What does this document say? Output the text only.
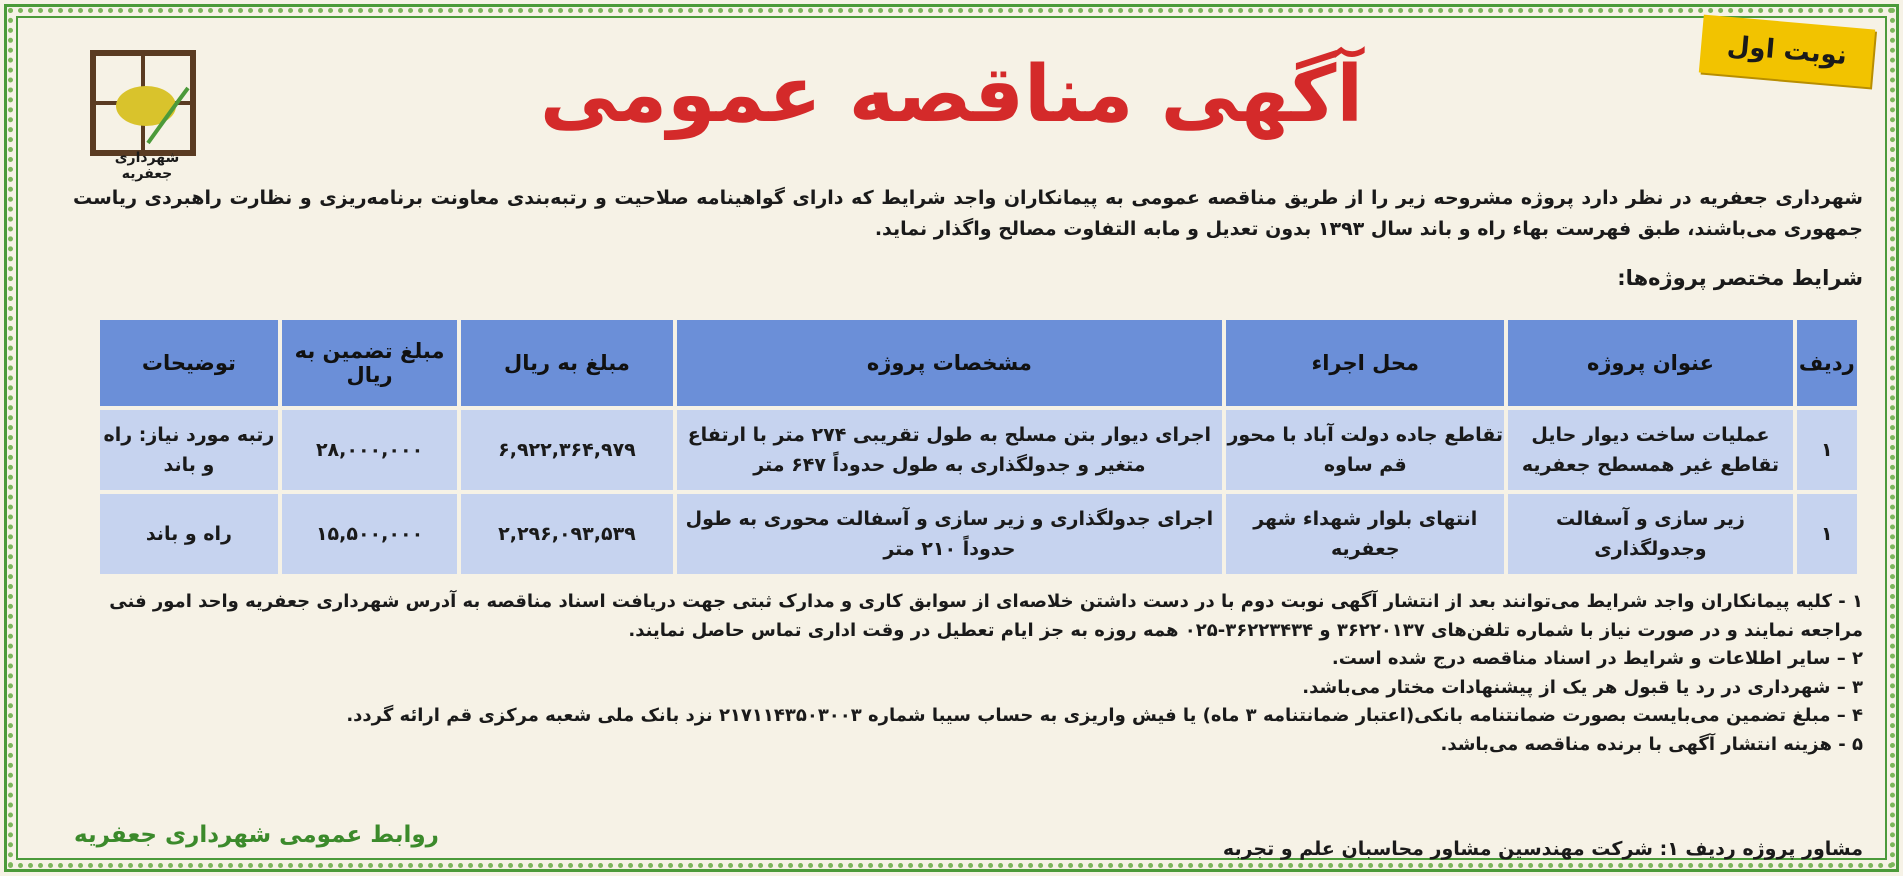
نوبت اول
شهرداری جعفریه
آگهی مناقصه عمومی
شهرداری جعفریه در نظر دارد پروژه مشروحه زیر را از طریق مناقصه عمومی به پیمانکاران واجد شرایط که دارای گواهینامه صلاحیت و رتبه‌بندی معاونت برنامه‌ریزی و نظارت راهبردی ریاست جمهوری می‌باشند، طبق فهرست بهاء راه و باند سال ۱۳۹۳ بدون تعدیل و مابه التفاوت مصالح واگذار نماید.
شرایط مختصر پروژه‌ها:
ردیف	عنوان پروژه	محل اجراء	مشخصات پروژه	مبلغ به ریال	مبلغ تضمین به ریال	توضیحات
۱	عملیات ساخت دیوار حایل تقاطع غیر همسطح جعفریه	تقاطع جاده دولت آباد با محور قم ساوه	اجرای دیوار بتن مسلح به طول تقریبی ۲۷۴ متر با ارتفاع متغیر و جدولگذاری به طول حدوداً ۶۴۷ متر	۶,۹۲۲,۳۶۴,۹۷۹	۲۸,۰۰۰,۰۰۰	رتبه مورد نیاز: راه و باند
۱	زیر سازی و آسفالت وجدولگذاری	انتهای بلوار شهداء شهر جعفریه	اجرای جدولگذاری و زیر سازی و آسفالت محوری به طول حدوداً ۲۱۰ متر	۲,۲۹۶,۰۹۳,۵۳۹	۱۵,۵۰۰,۰۰۰	راه و باند

۱ - کلیه پیمانکاران واجد شرایط می‌توانند بعد از انتشار آگهی نوبت دوم با در دست داشتن خلاصه‌ای از سوابق کاری و مدارک ثبتی جهت دریافت اسناد مناقصه به آدرس شهرداری جعفریه واحد امور فنی مراجعه نمایند و در صورت نیاز با شماره تلفن‌های ۳۶۲۲۰۱۳۷ و ۳۶۲۲۳۴۳۴-۰۲۵ همه روزه به جز ایام تعطیل در وقت اداری تماس حاصل نمایند.

۲ – سایر اطلاعات و شرایط در اسناد مناقصه درج شده است.

۳ – شهرداری در رد یا قبول هر یک از پیشنهادات مختار می‌باشد.

۴ – مبلغ تضمین می‌بایست بصورت ضمانتنامه بانکی(اعتبار ضمانتنامه ۳ ماه) یا فیش واریزی به حساب سیبا شماره ۲۱۷۱۱۴۳۵۰۳۰۰۳ نزد بانک ملی شعبه مرکزی قم ارائه گردد.

۵ - هزینه انتشار آگهی با برنده مناقصه می‌باشد.

مشاور پروژه ردیف ۱: شرکت مهندسین مشاور محاسبان علم و تجربه
روابط عمومی شهرداری جعفریه
